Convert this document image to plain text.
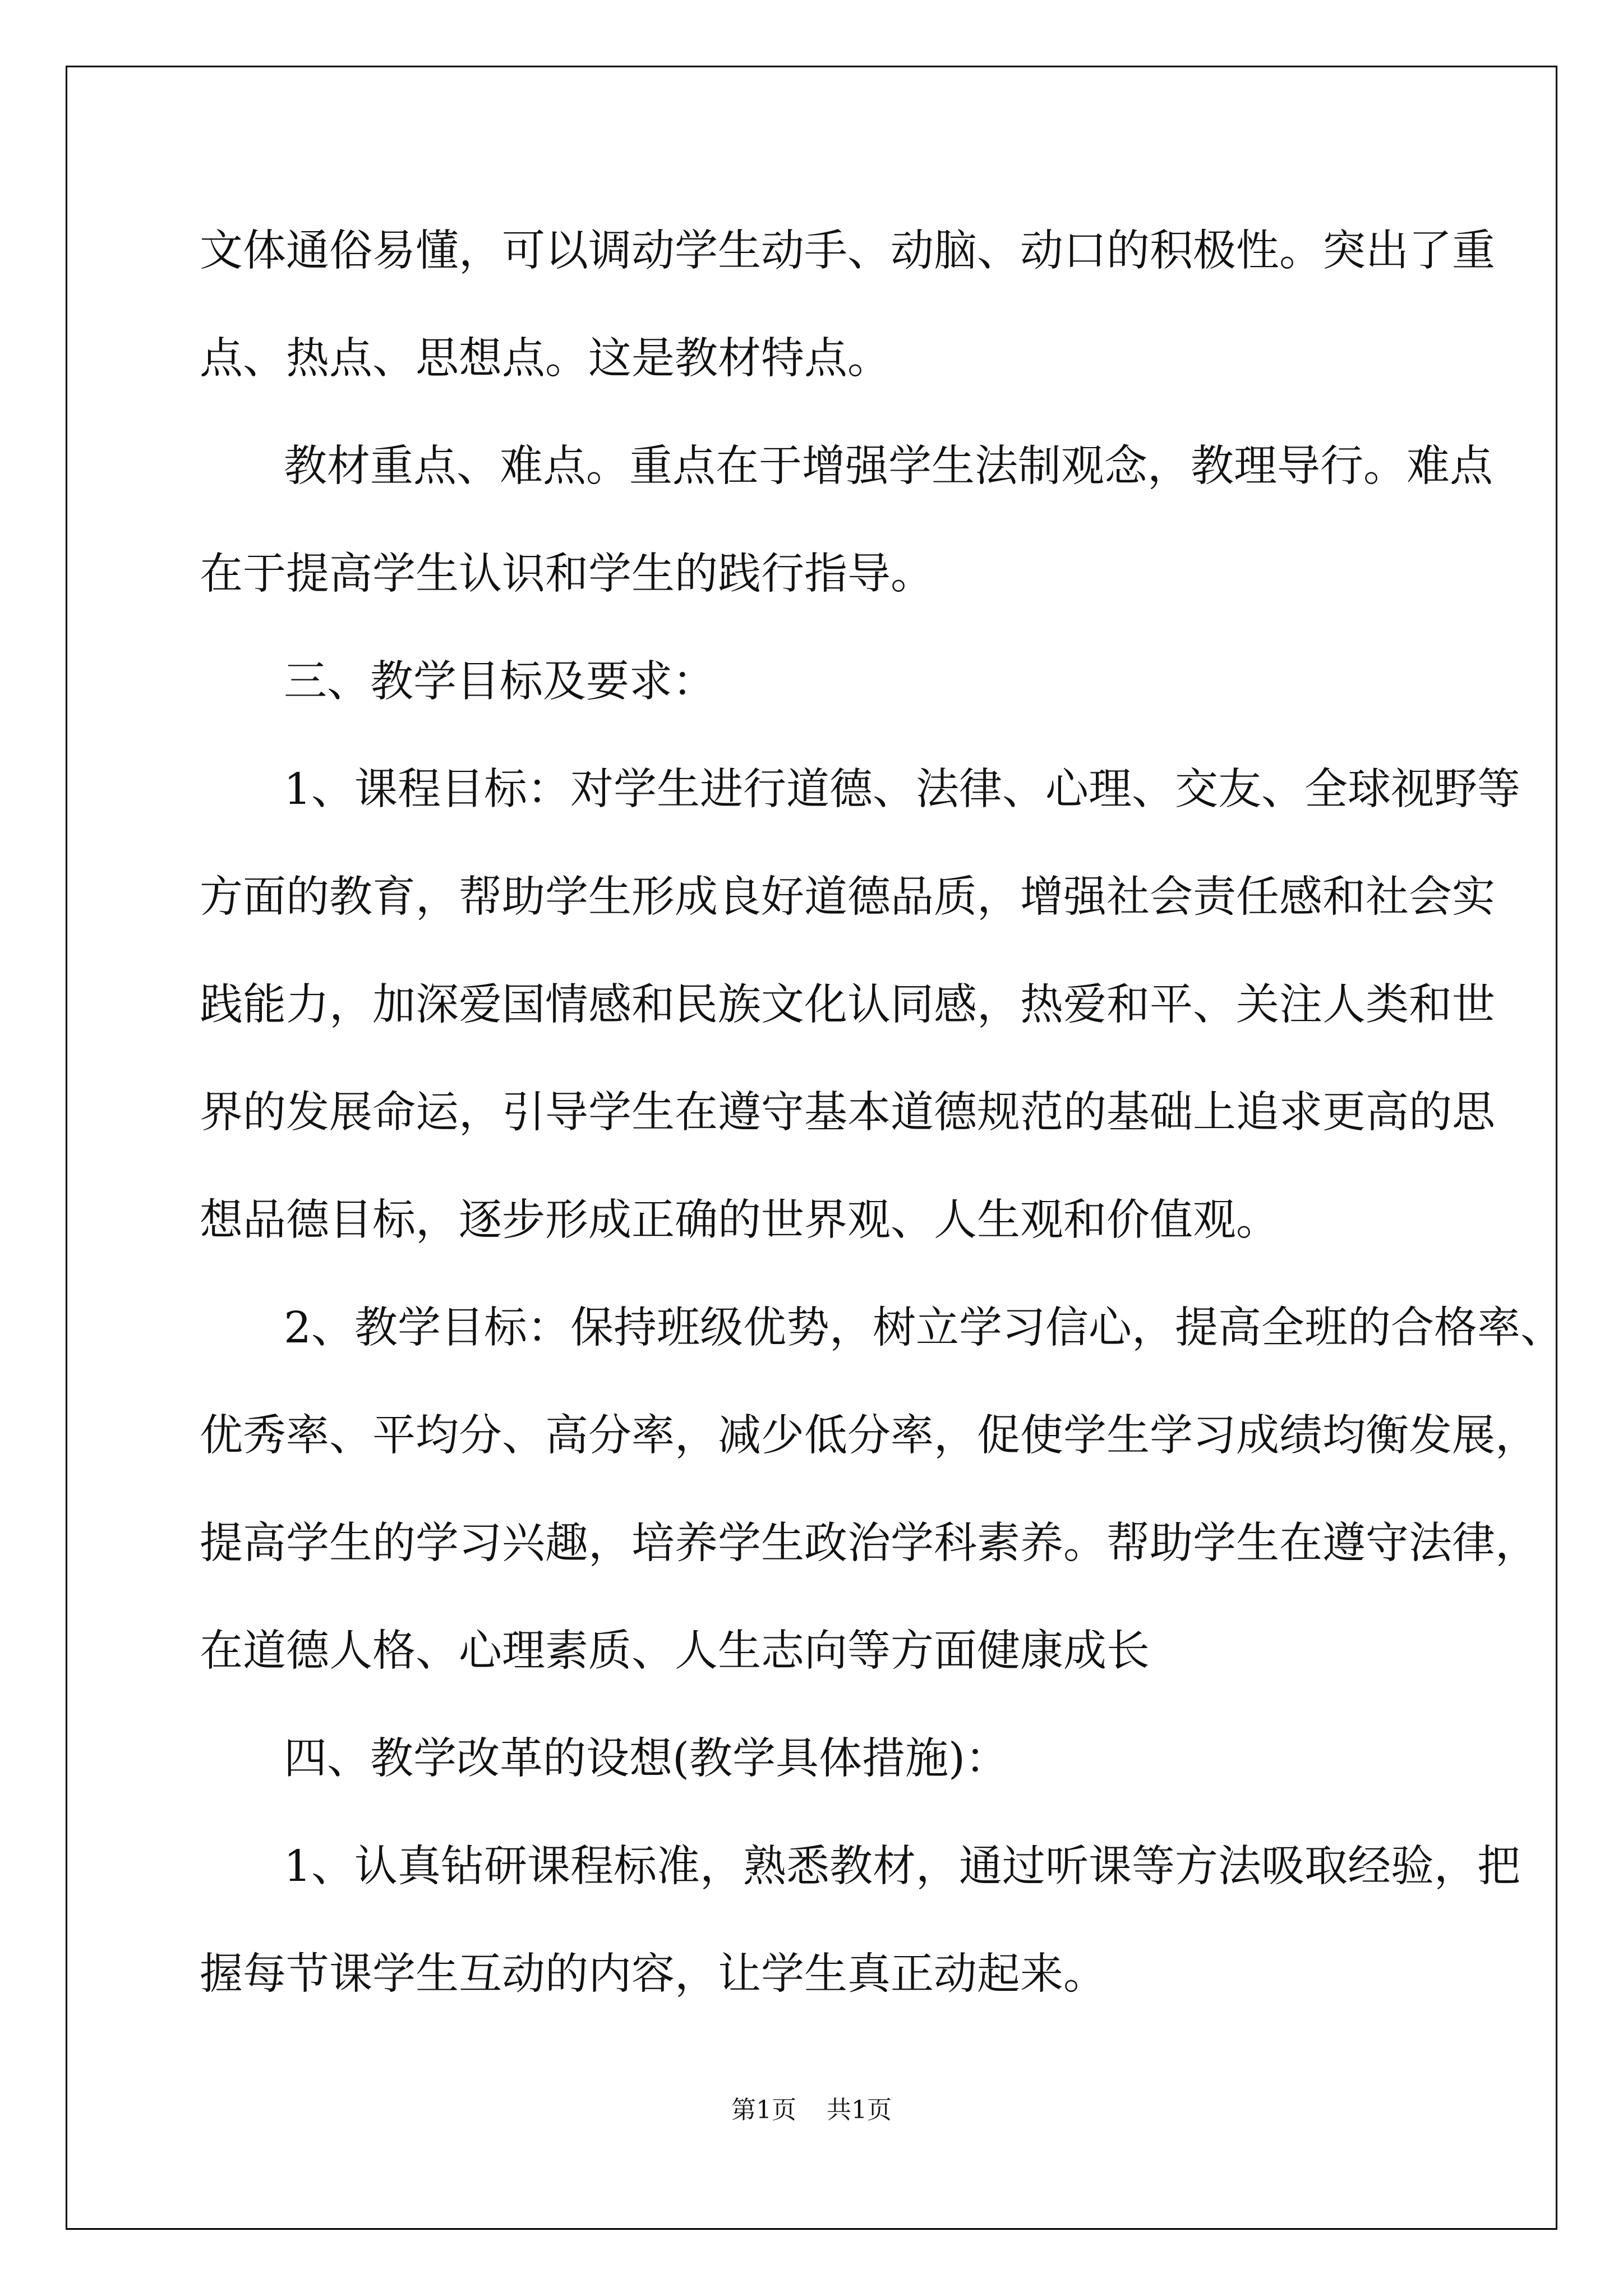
文体通俗易懂，可以调动学生动手、动脑、动口的积极性。突出了重
点、热点、思想点。这是教材特点。
教材重点、难点。重点在于增强学生法制观念，教理导行。难点
在于提高学生认识和学生的践行指导。
三、教学目标及要求：
1、课程目标：对学生进行道德、法律、心理、交友、全球视野等
方面的教育，帮助学生形成良好道德品质，增强社会责任感和社会实
践能力，加深爱国情感和民族文化认同感，热爱和平、关注人类和世
界的发展命运，引导学生在遵守基本道德规范的基础上追求更高的思
想品德目标，逐步形成正确的世界观、人生观和价值观。
2、教学目标：保持班级优势，树立学习信心，提高全班的合格率、
优秀率、平均分、高分率，减少低分率，促使学生学习成绩均衡发展，
提高学生的学习兴趣，培养学生政治学科素养。帮助学生在遵守法律，
在道德人格、心理素质、人生志向等方面健康成长
四、教学改革的设想(教学具体措施)：
1、认真钻研课程标准，熟悉教材，通过听课等方法吸取经验，把
握每节课学生互动的内容，让学生真正动起来。
第1页 共1页
